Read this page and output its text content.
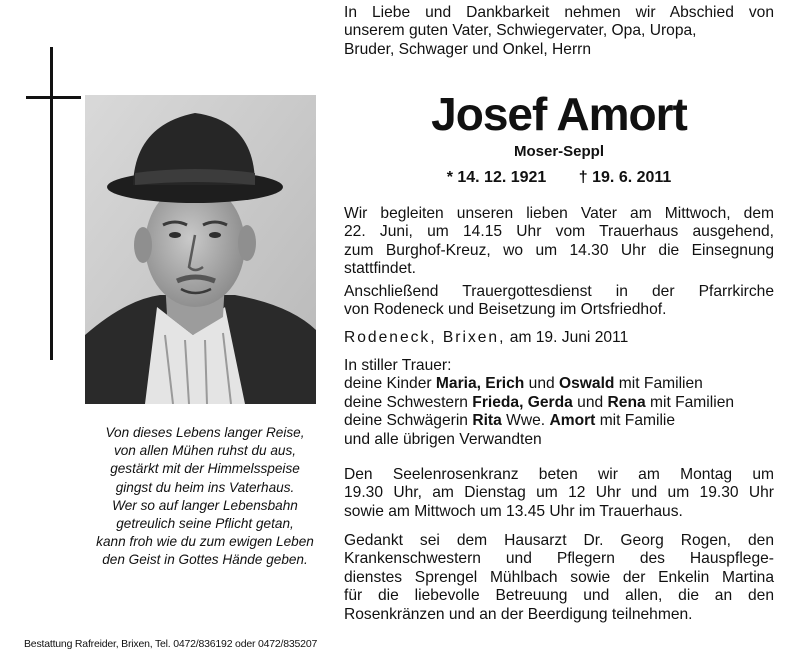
Von dieses Lebens langer Reise,
von allen Mühen ruhst du aus,
gestärkt mit der Himmelsspeise
gingst du heim ins Vaterhaus.
Wer so auf langer Lebensbahn
getreulich seine Pflicht getan,
kann froh wie du zum ewigen Leben
den Geist in Gottes Hände geben.
Bestattung Rafreider, Brixen, Tel. 0472/836192 oder 0472/835207
In Liebe und Dankbarkeit nehmen wir Abschied von
unserem guten Vater, Schwiegervater, Opa, Uropa,
Bruder, Schwager und Onkel, Herrn
Josef Amort
Moser-Seppl
* 14. 12. 1921 † 19. 6. 2011
Wir begleiten unseren lieben Vater am Mittwoch, dem
22. Juni, um 14.15 Uhr vom Trauerhaus ausgehend,
zum Burghof-Kreuz, wo um 14.30 Uhr die Einsegnung
stattfindet.
Anschließend Trauergottesdienst in der Pfarrkirche
von Rodeneck und Beisetzung im Ortsfriedhof.
Rodeneck, Brixen, am 19. Juni 2011
In stiller Trauer:
deine Kinder Maria, Erich und Oswald mit Familien
deine Schwestern Frieda, Gerda und Rena mit Familien
deine Schwägerin Rita Wwe. Amort mit Familie
und alle übrigen Verwandten
Den Seelenrosenkranz beten wir am Montag um
19.30 Uhr, am Dienstag um 12 Uhr und um 19.30 Uhr
sowie am Mittwoch um 13.45 Uhr im Trauerhaus.
Gedankt sei dem Hausarzt Dr. Georg Rogen, den
Krankenschwestern und Pflegern des Hauspflege-
dienstes Sprengel Mühlbach sowie der Enkelin Martina
für die liebevolle Betreuung und allen, die an den
Rosenkränzen und an der Beerdigung teilnehmen.
